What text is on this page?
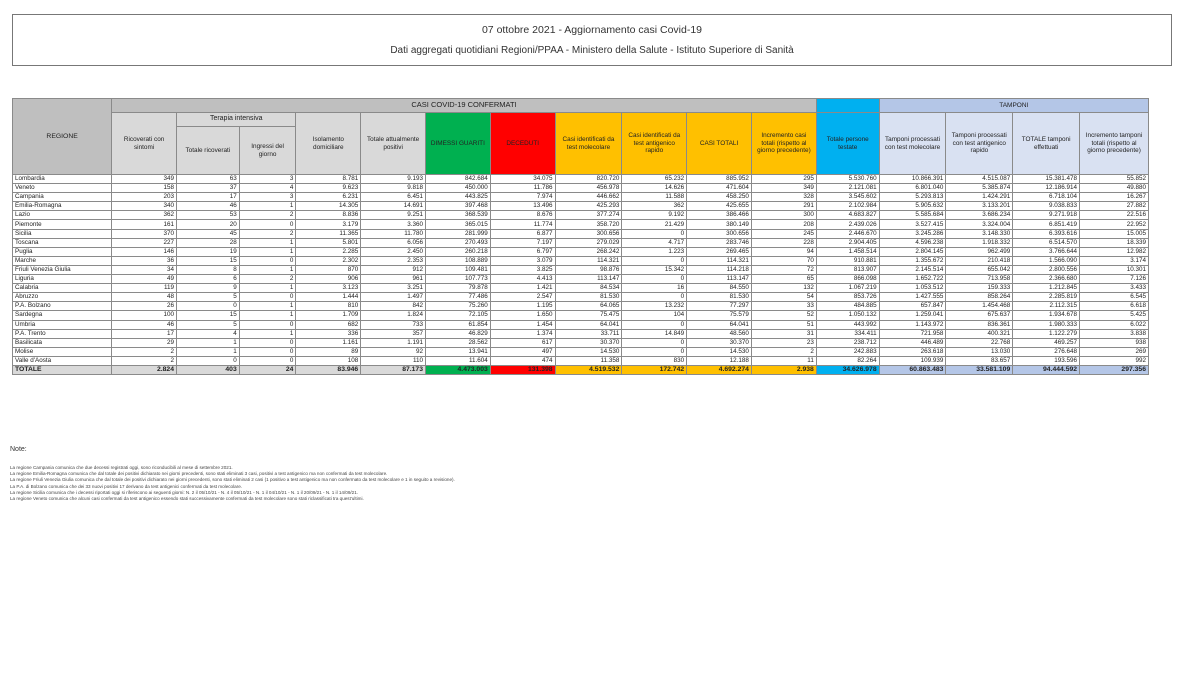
07 ottobre 2021 - Aggiornamento casi Covid-19
Dati aggregati quotidiani Regioni/PPAA - Ministero della Salute - Istituto Superiore di Sanità
REGIONE	CASI COVID-19 CONFERMATI												TAMPONI			
	Ricoverati con sintomi	Terapia intensiva		Isolamento domiciliare	Totale attualmente positivi	DIMESSI GUARITI	DECEDUTI	Casi identificati da test molecolare	Casi identificati da test antigenico rapido	CASI TOTALI	Incremento casi totali (rispetto al giorno precedente)	Totale persone testate	Tamponi processati con test molecolare	Tamponi processati con test antigenico rapido	TOTALE tamponi effettuati	Incremento tamponi totali (rispetto al giorno precedente)
		Totale ricoverati	Ingressi del giorno													
Lombardia	349	63	3	8.781	9.193	842.684	34.075	820.720	65.232	885.952	295	5.530.760	10.866.391	4.515.087	15.381.478	55.852
Veneto	158	37	4	9.623	9.818	450.000	11.786	456.978	14.626	471.604	349	2.121.081	6.801.040	5.385.874	12.186.914	49.880
Campania	203	17	3	6.231	6.451	443.825	7.974	446.662	11.588	458.250	328	3.545.602	5.293.813	1.424.291	6.718.104	16.267
Emilia-Romagna	340	46	1	14.305	14.691	397.468	13.496	425.293	362	425.655	291	2.102.984	5.905.632	3.133.201	9.038.833	27.882
Lazio	362	53	2	8.836	9.251	368.539	8.676	377.274	9.192	386.466	300	4.683.827	5.585.684	3.686.234	9.271.918	22.516
Piemonte	161	20	0	3.179	3.360	365.015	11.774	358.720	21.429	380.149	208	2.439.026	3.527.415	3.324.004	6.851.419	22.952
Sicilia	370	45	2	11.365	11.780	281.999	6.877	300.656	0	300.656	245	2.446.670	3.245.286	3.148.330	6.393.616	15.005
Toscana	227	28	1	5.801	6.056	270.493	7.197	279.029	4.717	283.746	228	2.904.405	4.596.238	1.918.332	6.514.570	18.339
Puglia	146	19	1	2.285	2.450	260.218	6.797	268.242	1.223	269.465	94	1.458.514	2.804.145	962.499	3.766.644	12.982
Marche	36	15	0	2.302	2.353	108.889	3.079	114.321	0	114.321	70	910.881	1.355.672	210.418	1.566.090	3.174
Friuli Venezia Giulia	34	8	1	870	912	109.481	3.825	98.876	15.342	114.218	72	813.907	2.145.514	655.042	2.800.556	10.301
Liguria	49	6	2	906	961	107.773	4.413	113.147	0	113.147	65	866.098	1.652.722	713.958	2.366.680	7.126
Calabria	119	9	1	3.123	3.251	79.878	1.421	84.534	16	84.550	132	1.067.219	1.053.512	159.333	1.212.845	3.433
Abruzzo	48	5	0	1.444	1.497	77.486	2.547	81.530	0	81.530	54	853.726	1.427.555	858.264	2.285.819	6.545
P.A. Bolzano	26	0	1	810	842	75.260	1.195	64.065	13.232	77.297	33	484.885	657.847	1.454.468	2.112.315	6.618
Sardegna	100	15	1	1.709	1.824	72.105	1.650	75.475	104	75.579	52	1.050.132	1.259.041	675.637	1.934.678	5.425
Umbria	46	5	0	682	733	61.854	1.454	64.041	0	64.041	51	443.992	1.143.972	836.361	1.980.333	6.022
P.A. Trento	17	4	1	336	357	46.829	1.374	33.711	14.849	48.560	31	334.411	721.958	400.321	1.122.279	3.838
Basilicata	29	1	0	1.161	1.191	28.562	617	30.370	0	30.370	23	238.712	446.489	22.768	469.257	938
Molise	2	1	0	89	92	13.941	497	14.530	0	14.530	2	242.883	263.618	13.030	276.648	269
Valle d'Aosta	2	0	0	108	110	11.604	474	11.358	830	12.188	11	82.264	109.939	83.657	193.596	992
TOTALE	2.824	403	24	83.946	87.173	4.473.003	131.398	4.519.532	172.742	4.692.274	2.938	34.626.978	60.863.483	33.581.109	94.444.592	297.356
Note:
La regione Campania comunica che due decessi registrati oggi, sono riconducibili al mese di settembre 2021.
La regione Emilia-Romagna comunica che dal totale dei positivi dichiarato nei giorni precedenti, sono stati eliminati 3 casi, positivi a test antigenico ma non confermati da test molecolare.
La regione Friuli Venezia Giulia comunica che dal totale dei positivi dichiarato nei giorni precedenti, sono stati eliminati 2 casi (1 positivo a test antigenico ma non confermato da test molecolare e 1 in seguito a revisione).
La P.A. di Bolzano comunica che dei 33 nuovi positivi 17 derivano da test antigenici confermati da test molecolare.
La regione Sicilia comunica che i decessi riportati oggi si riferiscono ai seguenti giorni: N. 2 il 05/10/21 - N. 4 il 05/10/21 - N. 1 il 04/10/21 - N. 1 il 20/09/21 - N. 1 il 14/09/21.
La regione Veneto comunica che alcuni casi confermati da test antigenico essendo stati successivamente confermati da test molecolare sono stati riclassificati tra quest'ultimi.
